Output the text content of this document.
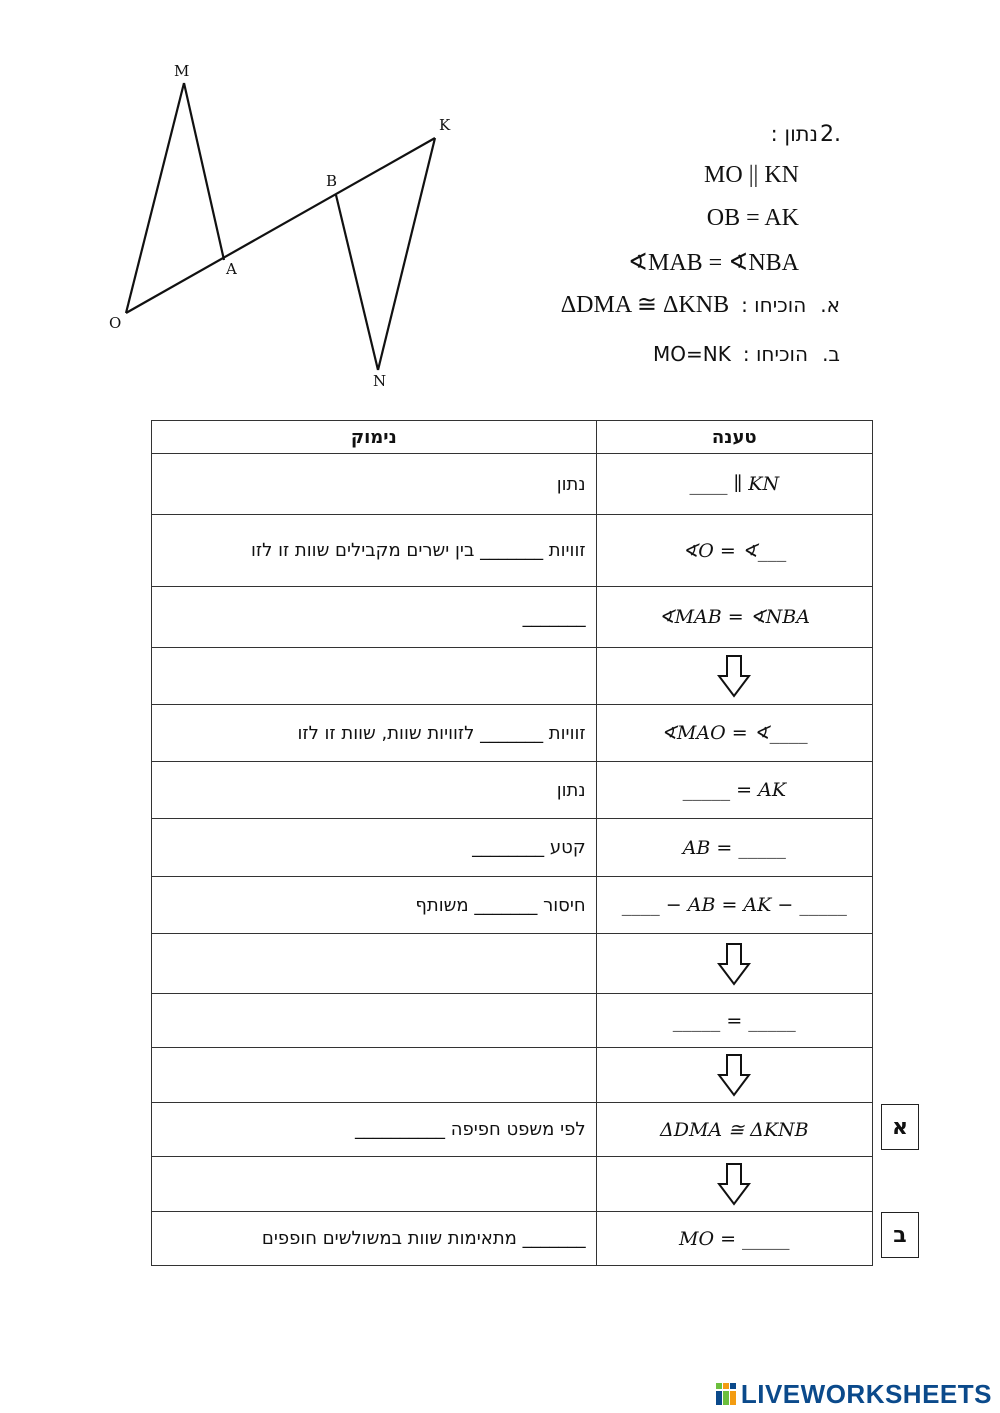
M
K
B
A
O
N
2.
נתון :
MO || KN
OB = AK
∢MAB = ∢NBA
א.הוכיחו :ΔDMA ≅ ΔKNB
ב.הוכיחו :MO=NK
נימוק	טענה
נתון	____ ∥ KN
זוויות _______ בין ישרים מקבילים שוות זו לזו	∢O = ∢___
_______	∢MAB = ∢NBA

זוויות _______ לזוויות שוות, שוות זו לזו	∢MAO = ∢____
נתון	_____ = AK
קטע ________	AB = _____
חיסור _______ משותף	____ − AB = AK − _____

	_____ = _____

לפי משפט חפיפה __________	ΔDMA ≅ ΔKNB

_______ מתאימות שוות במשולשים חופפים	MO = _____
א
ב
LIVEWORKSHEETS
